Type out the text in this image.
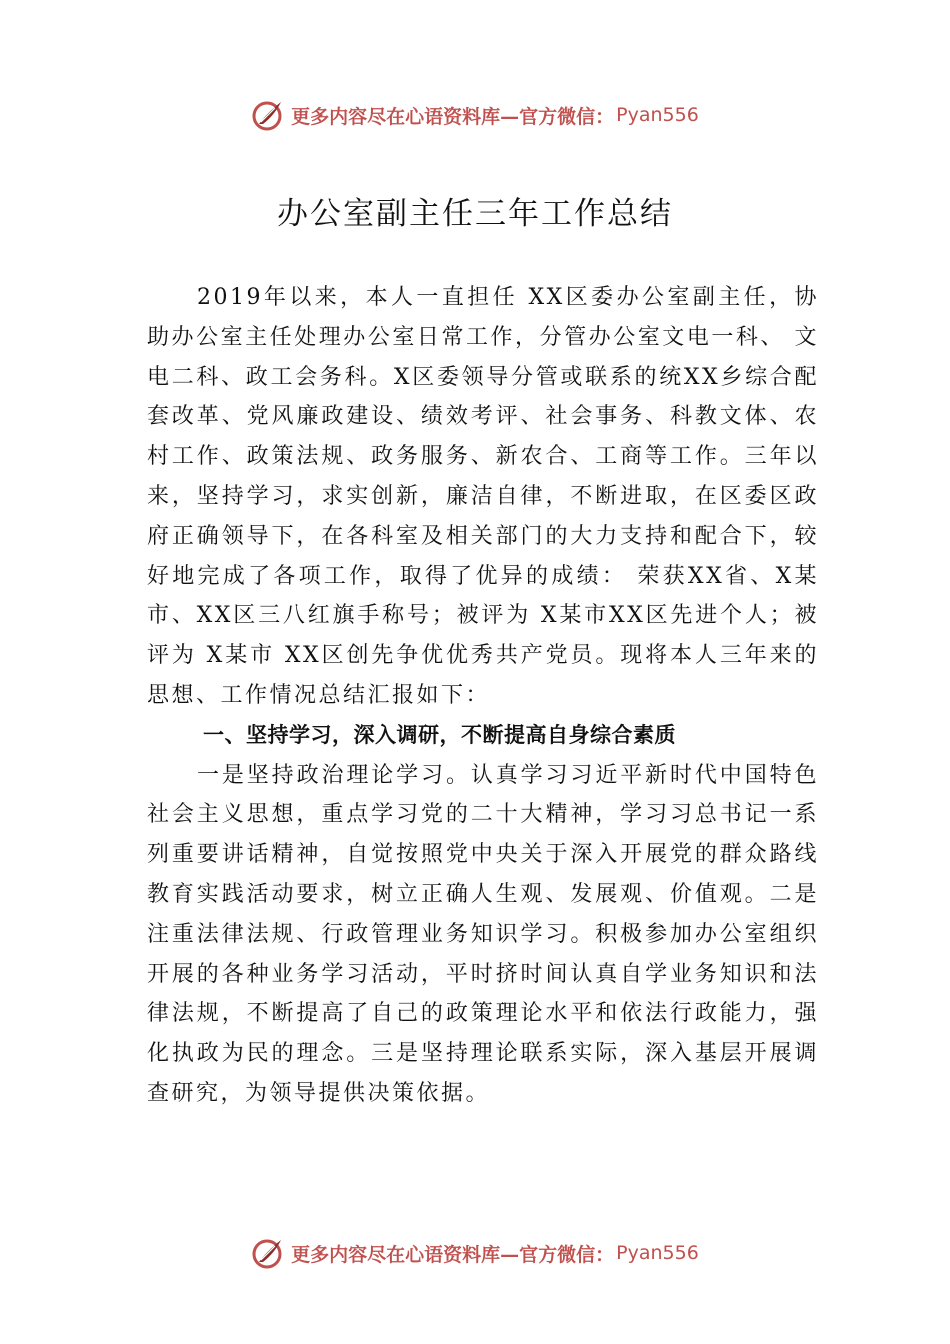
更多内容尽在心语资料库—官方微信： Pyan556
办公室副主任三年工作总结

2019年以来，本人一直担任 XX区委办公室副主任，协助办公室主任处理办公室日常工作，分管办公室文电一科、 文电二科、政工会务科。X区委领导分管或联系的统XX乡综合配套改革、党风廉政建设、绩效考评、社会事务、科教文体、农村工作、政策法规、政务服务、新农合、工商等工作。三年以来，坚持学习，求实创新，廉洁自律，不断进取，在区委区政府正确领导下，在各科室及相关部门的大力支持和配合下，较好地完成了各项工作，取得了优异的成绩： 荣获XX省、X某市、XX区三八红旗手称号；被评为 X某市XX区先进个人；被评为 X某市 XX区创先争优优秀共产党员。现将本人三年来的思想、工作情况总结汇报如下：

一、坚持学习，深入调研，不断提高自身综合素质

一是坚持政治理论学习。认真学习习近平新时代中国特色社会主义思想，重点学习党的二十大精神，学习习总书记一系列重要讲话精神，自觉按照党中央关于深入开展党的群众路线教育实践活动要求，树立正确人生观、发展观、价值观。二是注重法律法规、行政管理业务知识学习。积极参加办公室组织开展的各种业务学习活动，平时挤时间认真自学业务知识和法律法规，不断提高了自己的政策理论水平和依法行政能力，强化执政为民的理念。三是坚持理论联系实际，深入基层开展调查研究，为领导提供决策依据。

更多内容尽在心语资料库—官方微信： Pyan556
